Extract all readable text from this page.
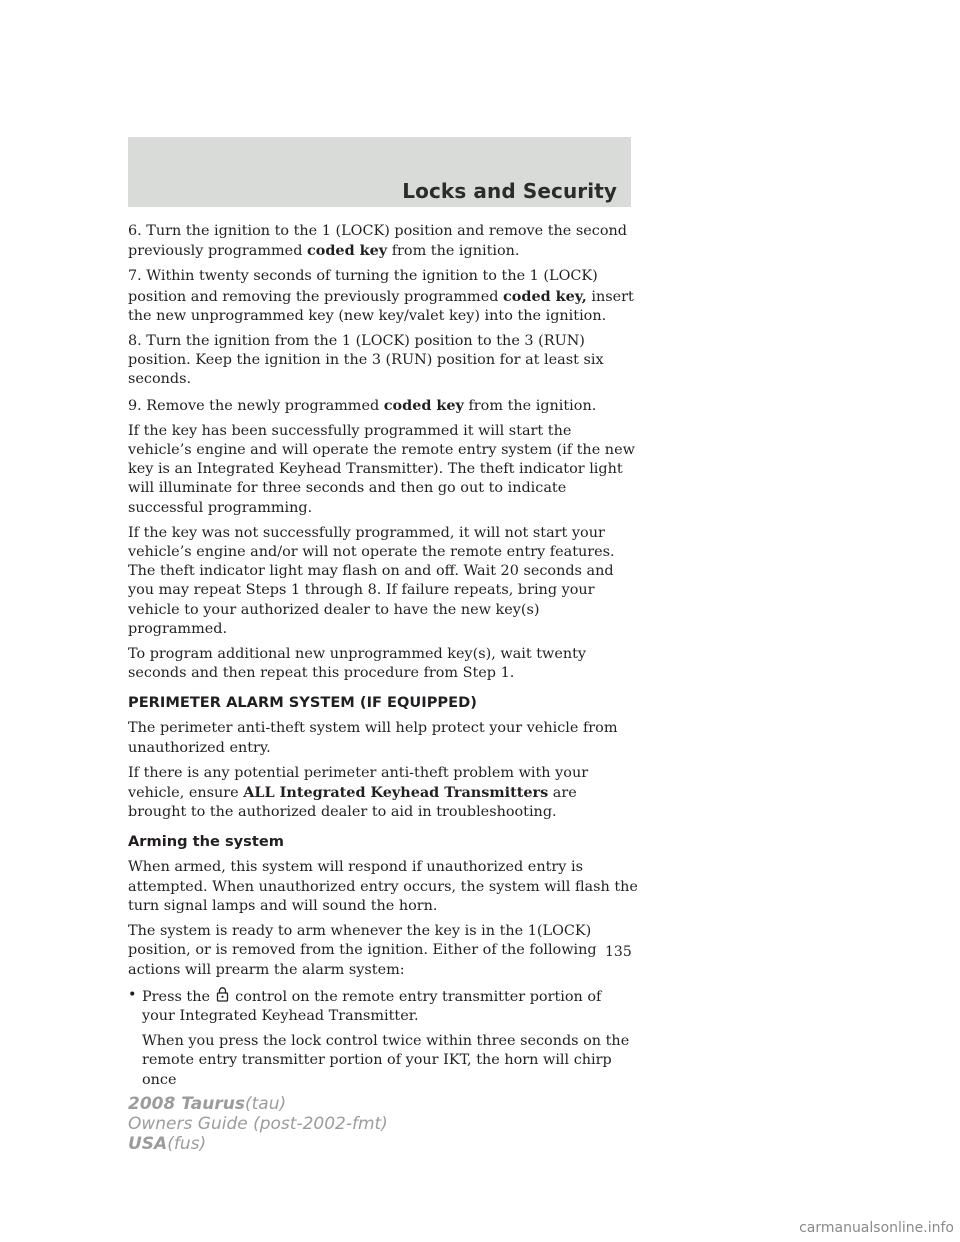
Locks and Security

6. Turn the ignition to the 1 (LOCK) position and remove the second previously programmed coded key from the ignition.

7. Within twenty seconds of turning the ignition to the 1 (LOCK) position and removing the previously programmed coded key, insert the new unprogrammed key (new key/valet key) into the ignition.

8. Turn the ignition from the 1 (LOCK) position to the 3 (RUN) position. Keep the ignition in the 3 (RUN) position for at least six seconds.

9. Remove the newly programmed coded key from the ignition.

If the key has been successfully programmed it will start the vehicle’s engine and will operate the remote entry system (if the new key is an Integrated Keyhead Transmitter). The theft indicator light will illuminate for three seconds and then go out to indicate successful programming.

If the key was not successfully programmed, it will not start your vehicle’s engine and/or will not operate the remote entry features. The theft indicator light may flash on and off. Wait 20 seconds and you may repeat Steps 1 through 8. If failure repeats, bring your vehicle to your authorized dealer to have the new key(s) programmed.

To program additional new unprogrammed key(s), wait twenty seconds and then repeat this procedure from Step 1.

PERIMETER ALARM SYSTEM (IF EQUIPPED)

The perimeter anti-theft system will help protect your vehicle from unauthorized entry.

If there is any potential perimeter anti-theft problem with your vehicle, ensure ALL Integrated Keyhead Transmitters are brought to the authorized dealer to aid in troubleshooting.

Arming the system

When armed, this system will respond if unauthorized entry is attempted. When unauthorized entry occurs, the system will flash the turn signal lamps and will sound the horn.

The system is ready to arm whenever the key is in the 1(LOCK) position, or is removed from the ignition. Either of the following actions will prearm the alarm system:

• Press the  control on the remote entry transmitter portion of your Integrated Keyhead Transmitter.

When you press the lock control twice within three seconds on the remote entry transmitter portion of your IKT, the horn will chirp once

135
2008 Taurus(tau)
Owners Guide (post-2002-fmt)
USA(fus)
carmanualsonline.info
